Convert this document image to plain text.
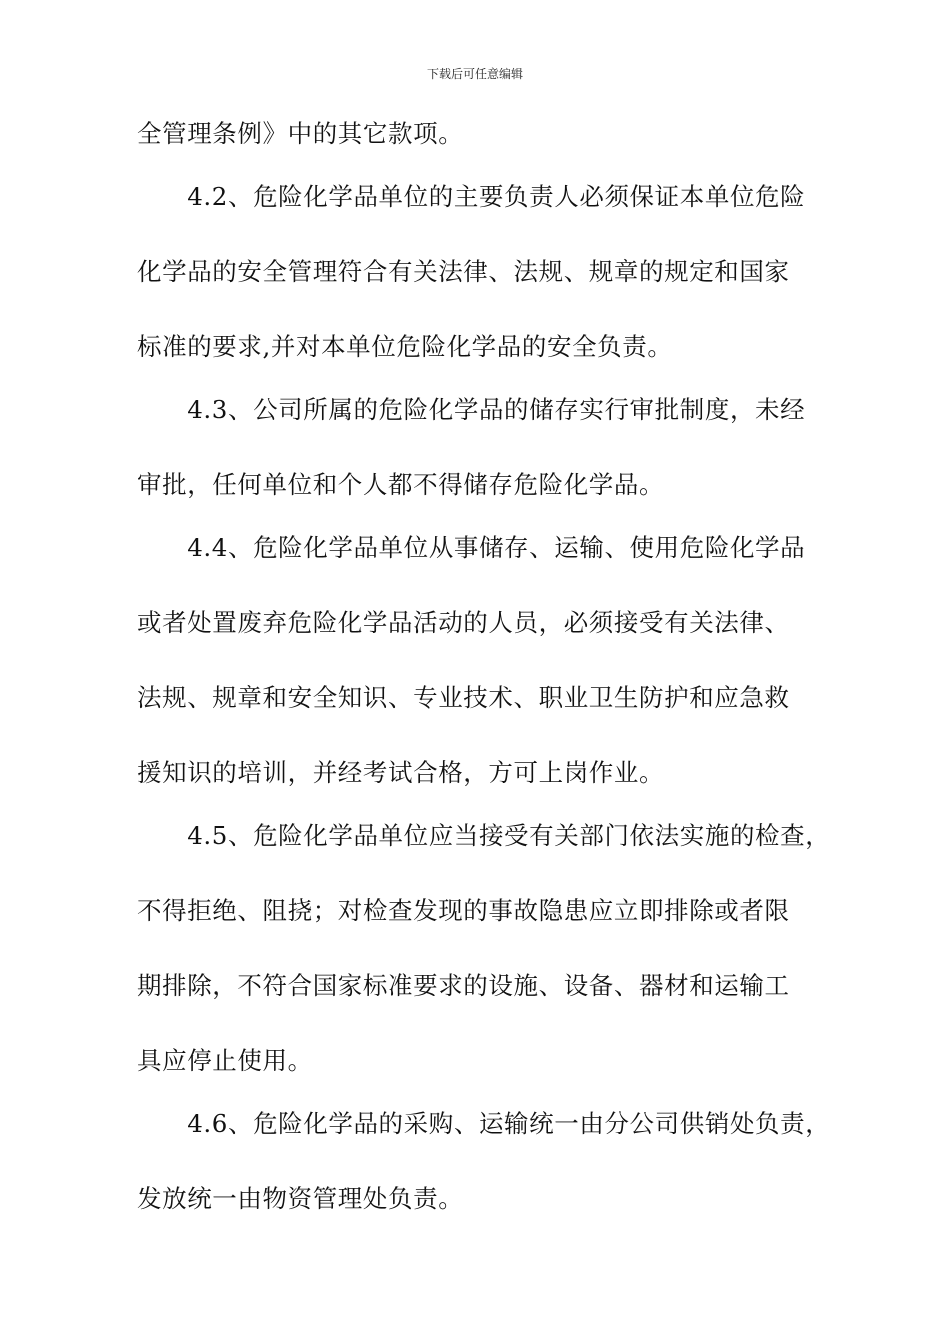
下载后可任意编辑
全管理条例》中的其它款项。
　　4.2、危险化学品单位的主要负责人必须保证本单位危险
化学品的安全管理符合有关法律、法规、规章的规定和国家
标准的要求,并对本单位危险化学品的安全负责。
　　4.3、公司所属的危险化学品的储存实行审批制度，未经
审批，任何单位和个人都不得储存危险化学品。
　　4.4、危险化学品单位从事储存、运输、使用危险化学品
或者处置废弃危险化学品活动的人员，必须接受有关法律、
法规、规章和安全知识、专业技术、职业卫生防护和应急救
援知识的培训，并经考试合格，方可上岗作业。
　　4.5、危险化学品单位应当接受有关部门依法实施的检查，
不得拒绝、阻挠；对检查发现的事故隐患应立即排除或者限
期排除，不符合国家标准要求的设施、设备、器材和运输工
具应停止使用。
　　4.6、危险化学品的采购、运输统一由分公司供销处负责，
发放统一由物资管理处负责。
